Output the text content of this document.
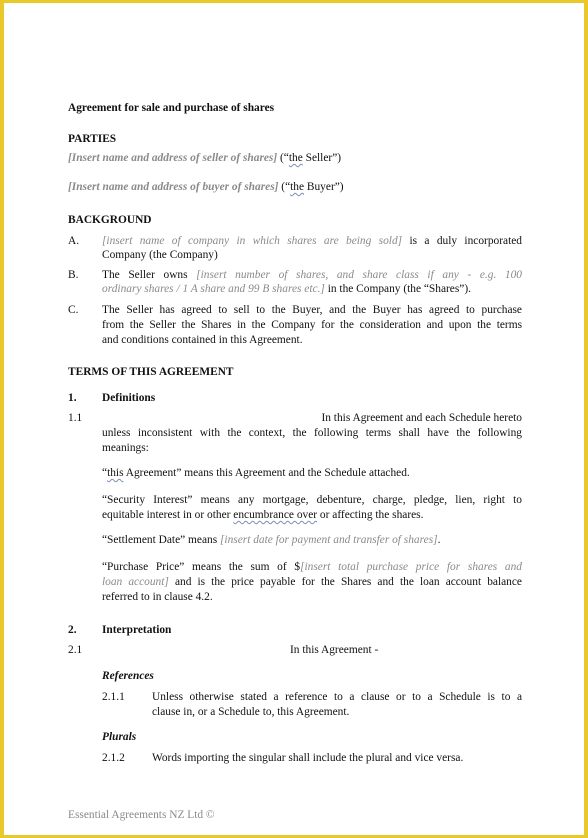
Agreement for sale and purchase of shares
PARTIES
[Insert name and address of seller of shares] (“the Seller”)
[Insert name and address of buyer of shares] (“the Buyer”)
BACKGROUND
A. [insert name of company in which shares are being sold] is a duly incorporated
Company (the Company)
B. The Seller owns [insert number of shares, and share class if any - e.g. 100
ordinary shares / 1 A share and 99 B shares etc.] in the Company (the “Shares”).
C. The Seller has agreed to sell to the Buyer, and the Buyer has agreed to purchase
from the Seller the Shares in the Company for the consideration and upon the terms
and conditions contained in this Agreement.
TERMS OF THIS AGREEMENT
1. Definitions
1.1	In this Agreement and each Schedule hereto
unless inconsistent with the context, the following terms shall have the following
meanings:
“this Agreement” means this Agreement and the Schedule attached.
“Security Interest” means any mortgage, debenture, charge, pledge, lien, right to
equitable interest in or other encumbrance over or affecting the shares.
“Settlement Date” means [insert date for payment and transfer of shares].
“Purchase Price” means the sum of $[insert total purchase price for shares and
loan account] and is the price payable for the Shares and the loan account balance
referred to in clause 4.2.
2. Interpretation
2.1	In this Agreement -
References
2.1.1 Unless otherwise stated a reference to a clause or to a Schedule is to a
clause in, or a Schedule to, this Agreement.
Plurals
2.1.2 Words importing the singular shall include the plural and vice versa.
Essential Agreements NZ Ltd ©
